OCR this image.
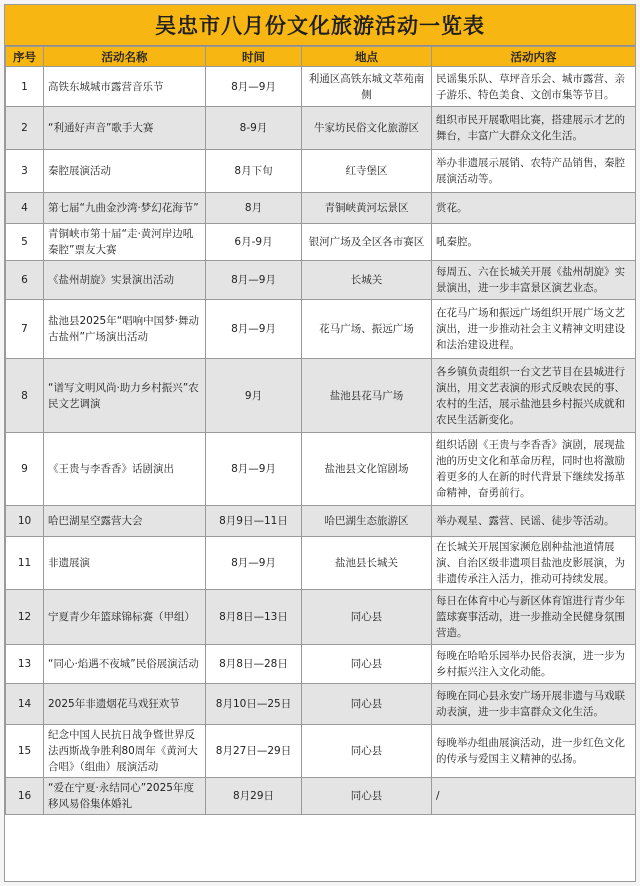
吴忠市八月份文化旅游活动一览表
序号	活动名称	时间	地点	活动内容
1	高铁东城城市露营音乐节	8月—9月	利通区高铁东城文萃苑南侧	民谣集乐队、草坪音乐会、城市露营、亲子游乐、特色美食、文创市集等节目。
2	“利通好声音”歌手大赛	8-9月	牛家坊民俗文化旅游区	组织市民开展歌唱比赛，搭建展示才艺的舞台，丰富广大群众文化生活。
3	秦腔展演活动	8月下旬	红寺堡区	举办非遗展示展销、农特产品销售，秦腔展演活动等。
4	第七届“九曲金沙湾·梦幻花海节”	8月	青铜峡黄河坛景区	赏花。
5	青铜峡市第十届“走·黄河岸边吼秦腔”票友大赛	6月-9月	银河广场及全区各市赛区	吼秦腔。
6	《盐州胡旋》实景演出活动	8月—9月	长城关	每周五、六在长城关开展《盐州胡旋》实景演出，进一步丰富景区演艺业态。
7	盐池县2025年“唱响中国梦·舞动古盐州”广场演出活动	8月—9月	花马广场、振远广场	在花马广场和振远广场组织开展广场文艺演出，进一步推动社会主义精神文明建设和法治建设进程。
8	“谱写文明风尚·助力乡村振兴”农民文艺调演	9月	盐池县花马广场	各乡镇负责组织一台文艺节目在县城进行演出，用文艺表演的形式反映农民的事、农村的生活，展示盐池县乡村振兴成就和农民生活新变化。
9	《王贵与李香香》话剧演出	8月—9月	盐池县文化馆剧场	组织话剧《王贵与李香香》演剧，展现盐池的历史文化和革命历程，同时也将激励着更多的人在新的时代背景下继续发扬革命精神，奋勇前行。
10	哈巴湖星空露营大会	8月9日—11日	哈巴湖生态旅游区	举办观星、露营、民谣、徒步等活动。
11	非遗展演	8月—9月	盐池县长城关	在长城关开展国家濒危剧种盐池道情展演、自治区级非遗项目盐池皮影展演，为非遗传承注入活力，推动可持续发展。
12	宁夏青少年篮球锦标赛（甲组）	8月8日—13日	同心县	每日在体育中心与新区体育馆进行青少年篮球赛事活动，进一步推动全民健身氛围营造。
13	“同心·焰遇不夜城”民俗展演活动	8月8日—28日	同心县	每晚在哈哈乐园举办民俗表演，进一步为乡村振兴注入文化动能。
14	2025年非遗烟花马戏狂欢节	8月10日—25日	同心县	每晚在同心县永安广场开展非遗与马戏联动表演，进一步丰富群众文化生活。
15	纪念中国人民抗日战争暨世界反法西斯战争胜利80周年《黄河大合唱》（组曲）展演活动	8月27日—29日	同心县	每晚举办组曲展演活动，进一步红色文化的传承与爱国主义精神的弘扬。
16	“爱在宁夏·永结同心”2025年度移风易俗集体婚礼	8月29日	同心县	/
